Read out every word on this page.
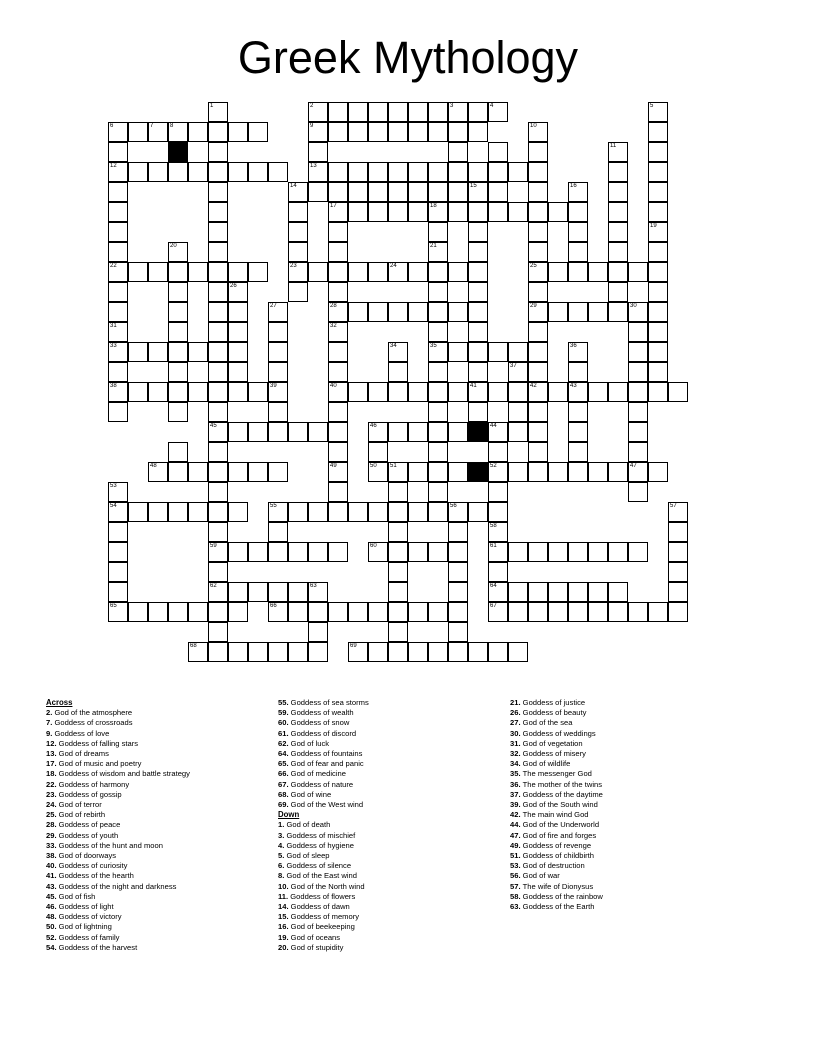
Greek Mythology
1	2	3	4	5
6	7	8	9	10
11
12	13
14	15	16
17	18
19
20	21
22	23	24	25
26
27	28	29	30
31	32
33	34	35	36
37
38	39	40	41	42	43
45	46	44
48	49	50 51	52	47
53
54	55	56	57
58
59	60	61
62	63	64
65	66	67
68	69
Across
2. God of the atmosphere
7. Goddess of crossroads
9. Goddess of love
12. Goddess of falling stars
13. God of dreams
17. God of music and poetry
18. Goddess of wisdom and battle strategy
22. Goddess of harmony
23. Goddess of gossip
24. God of terror
25. God of rebirth
28. Goddess of peace
29. Goddess of youth
33. Goddess of the hunt and moon
38. God of doorways
40. Goddess of curiosity
41. Goddess of the hearth
43. Goddess of the night and darkness
45. God of fish
46. Goddess of light
48. Goddess of victory
50. God of lightning
52. Goddess of family
54. Goddess of the harvest
55. Goddess of sea storms
59. Goddess of wealth
60. Goddess of snow
61. Goddess of discord
62. God of luck
64. Goddess of fountains
65. God of fear and panic
66. God of medicine
67. Goddess of nature
68. God of wine
69. God of the West wind
Down
1. God of death
3. Goddess of mischief
4. Goddess of hygiene
5. God of sleep
6. Goddess of silence
8. God of the East wind
10. God of the North wind
11. Goddess of flowers
14. Goddess of dawn
15. Goddess of memory
16. God of beekeeping
19. God of oceans
20. God of stupidity
21. Goddess of justice
26. Goddess of beauty
27. God of the sea
30. Goddess of weddings
31. God of vegetation
32. Goddess of misery
34. God of wildlife
35. The messenger God
36. The mother of the twins
37. Goddess of the daytime
39. God of the South wind
42. The main wind God
44. God of the Underworld
47. God of fire and forges
49. Goddess of revenge
51. Goddess of childbirth
53. God of destruction
56. God of war
57. The wife of Dionysus
58. Goddess of the rainbow
63. Goddess of the Earth
